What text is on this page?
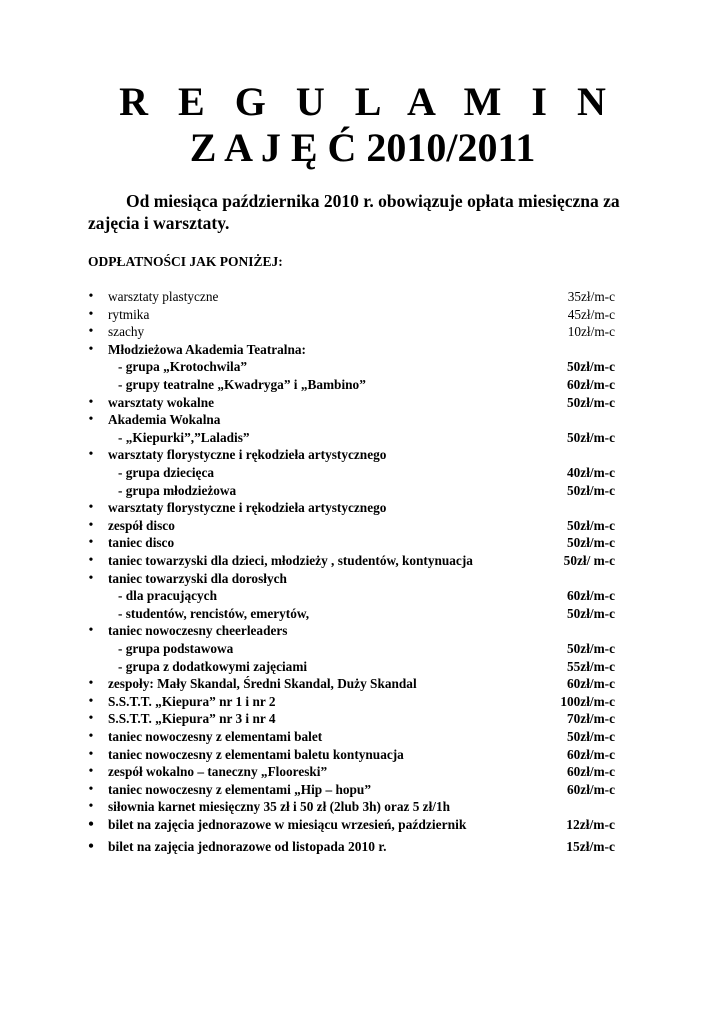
R E G U L A M I N
Z A J Ę Ć 2010/2011
Od miesiąca października 2010 r. obowiązuje opłata miesięczna za zajęcia i warsztaty.
ODPŁATNOŚCI JAK PONIŻEJ:
• warsztaty plastyczne	35zł/m-c
• rytmika	45zł/m-c
• szachy	10zł/m-c
• Młodzieżowa Akademia Teatralna:
- grupa „Krotochwila”	50zł/m-c
- grupy teatralne „Kwadryga” i „Bambino”	60zł/m-c
• warsztaty wokalne	50zł/m-c
• Akademia Wokalna
- „Kiepurki”,”Laladis”	50zł/m-c
• warsztaty florystyczne i rękodzieła artystycznego
- grupa dziecięca	40zł/m-c
- grupa młodzieżowa	50zł/m-c
• warsztaty florystyczne i rękodzieła artystycznego
• zespół disco	50zł/m-c
• taniec disco	50zł/m-c
• taniec towarzyski dla dzieci, młodzieży , studentów, kontynuacja	50zł/ m-c
• taniec towarzyski dla dorosłych
- dla pracujących	60zł/m-c
- studentów, rencistów, emerytów,	50zł/m-c
• taniec nowoczesny cheerleaders
- grupa podstawowa	50zł/m-c
- grupa z dodatkowymi zajęciami	55zł/m-c
• zespoły: Mały Skandal, Średni Skandal, Duży Skandal	60zł/m-c
• S.S.T.T. „Kiepura” nr 1 i nr 2	100zł/m-c
• S.S.T.T. „Kiepura” nr 3 i nr 4	70zł/m-c
• taniec nowoczesny z elementami balet	50zł/m-c
• taniec nowoczesny z elementami baletu kontynuacja	60zł/m-c
• zespół wokalno – taneczny „Flooreski”	60zł/m-c
• taniec nowoczesny z elementami „Hip – hopu”	60zł/m-c
• siłownia karnet miesięczny 35 zł i 50 zł (2lub 3h) oraz 5 zł/1h
• bilet na zajęcia jednorazowe w miesiącu wrzesień, październik	12zł/m-c
• bilet na zajęcia jednorazowe od listopada 2010 r.	15zł/m-c
